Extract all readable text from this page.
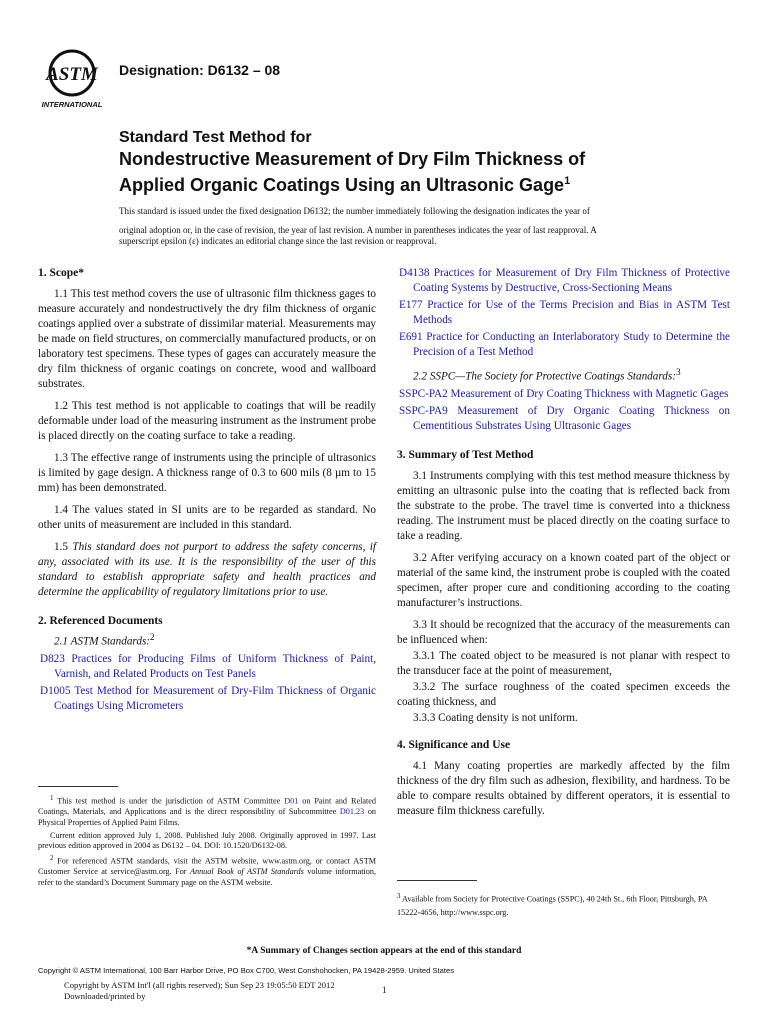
ASTM
INTERNATIONAL
Designation: D6132 – 08
Standard Test Method for
Nondestructive Measurement of Dry Film Thickness of
Applied Organic Coatings Using an Ultrasonic Gage$^1$
This standard is issued under the fixed designation D6132; the number immediately following the designation indicates the year of
original adoption or, in the case of revision, the year of last revision. A number in parentheses indicates the year of last reapproval. A
superscript epsilon (ε) indicates an editorial change since the last revision or reapproval.
1. Scope*

1.1 This test method covers the use of ultrasonic film thickness gages to measure accurately and nondestructively the dry film thickness of organic coatings applied over a substrate of dissimilar material. Measurements may be made on field structures, on commercially manufactured products, or on laboratory test specimens. These types of gages can accurately measure the dry film thickness of organic coatings on concrete, wood and wallboard substrates.

1.2 This test method is not applicable to coatings that will be readily deformable under load of the measuring instrument as the instrument probe is placed directly on the coating surface to take a reading.

1.3 The effective range of instruments using the principle of ultrasonics is limited by gage design. A thickness range of 0.3 to 600 mils (8 µm to 15 mm) has been demonstrated.

1.4 The values stated in SI units are to be regarded as standard. No other units of measurement are included in this standard.

1.5 This standard does not purport to address the safety concerns, if any, associated with its use. It is the responsibility of the user of this standard to establish appropriate safety and health practices and determine the applicability of regulatory limitations prior to use.

2. Referenced Documents
2.1 ASTM Standards:$^2$
D823 Practices for Producing Films of Uniform Thickness of Paint, Varnish, and Related Products on Test Panels
D1005 Test Method for Measurement of Dry-Film Thickness of Organic Coatings Using Micrometers
D4138 Practices for Measurement of Dry Film Thickness of Protective Coating Systems by Destructive, Cross-Sectioning Means
E177 Practice for Use of the Terms Precision and Bias in ASTM Test Methods
E691 Practice for Conducting an Interlaboratory Study to Determine the Precision of a Test Method
2.2 SSPC—The Society for Protective Coatings Standards:$^3$
SSPC-PA2 Measurement of Dry Coating Thickness with Magnetic Gages
SSPC-PA9 Measurement of Dry Organic Coating Thickness on Cementitious Substrates Using Ultrasonic Gages
3. Summary of Test Method

3.1 Instruments complying with this test method measure thickness by emitting an ultrasonic pulse into the coating that is reflected back from the substrate to the probe. The travel time is converted into a thickness reading. The instrument must be placed directly on the coating surface to take a reading.

3.2 After verifying accuracy on a known coated part of the object or material of the same kind, the instrument probe is coupled with the coated specimen, after proper cure and conditioning according to the coating manufacturer’s instructions.

3.3 It should be recognized that the accuracy of the measurements can be influenced when:

3.3.1 The coated object to be measured is not planar with respect to the transducer face at the point of measurement,

3.3.2 The surface roughness of the coated specimen exceeds the coating thickness, and

3.3.3 Coating density is not uniform.

4. Significance and Use

4.1 Many coating properties are markedly affected by the film thickness of the dry film such as adhesion, flexibility, and hardness. To be able to compare results obtained by different operators, it is essential to measure film thickness carefully.

$^1$ This test method is under the jurisdiction of ASTM Committee D01 on Paint and Related Coatings, Materials, and Applications and is the direct responsibility of Subcommittee D01.23 on Physical Properties of Applied Paint Films.

Current edition approved July 1, 2008. Published July 2008. Originally approved in 1997. Last previous edition approved in 2004 as D6132 – 04. DOI: 10.1520/D6132-08.

$^2$ For referenced ASTM standards, visit the ASTM website, www.astm.org, or contact ASTM Customer Service at service@astm.org. For Annual Book of ASTM Standards volume information, refer to the standard’s Document Summary page on the ASTM website.

$^3$ Available from Society for Protective Coatings (SSPC), 40 24th St., 6th Floor, Pittsburgh, PA 15222-4656, http://www.sspc.org.
*A Summary of Changes section appears at the end of this standard
Copyright © ASTM International, 100 Barr Harbor Drive, PO Box C700, West Conshohocken, PA 19428-2959. United States
Copyright by ASTM Int'l (all rights reserved); Sun Sep 23 19:05:50 EDT 2012
Downloaded/printed by
1
